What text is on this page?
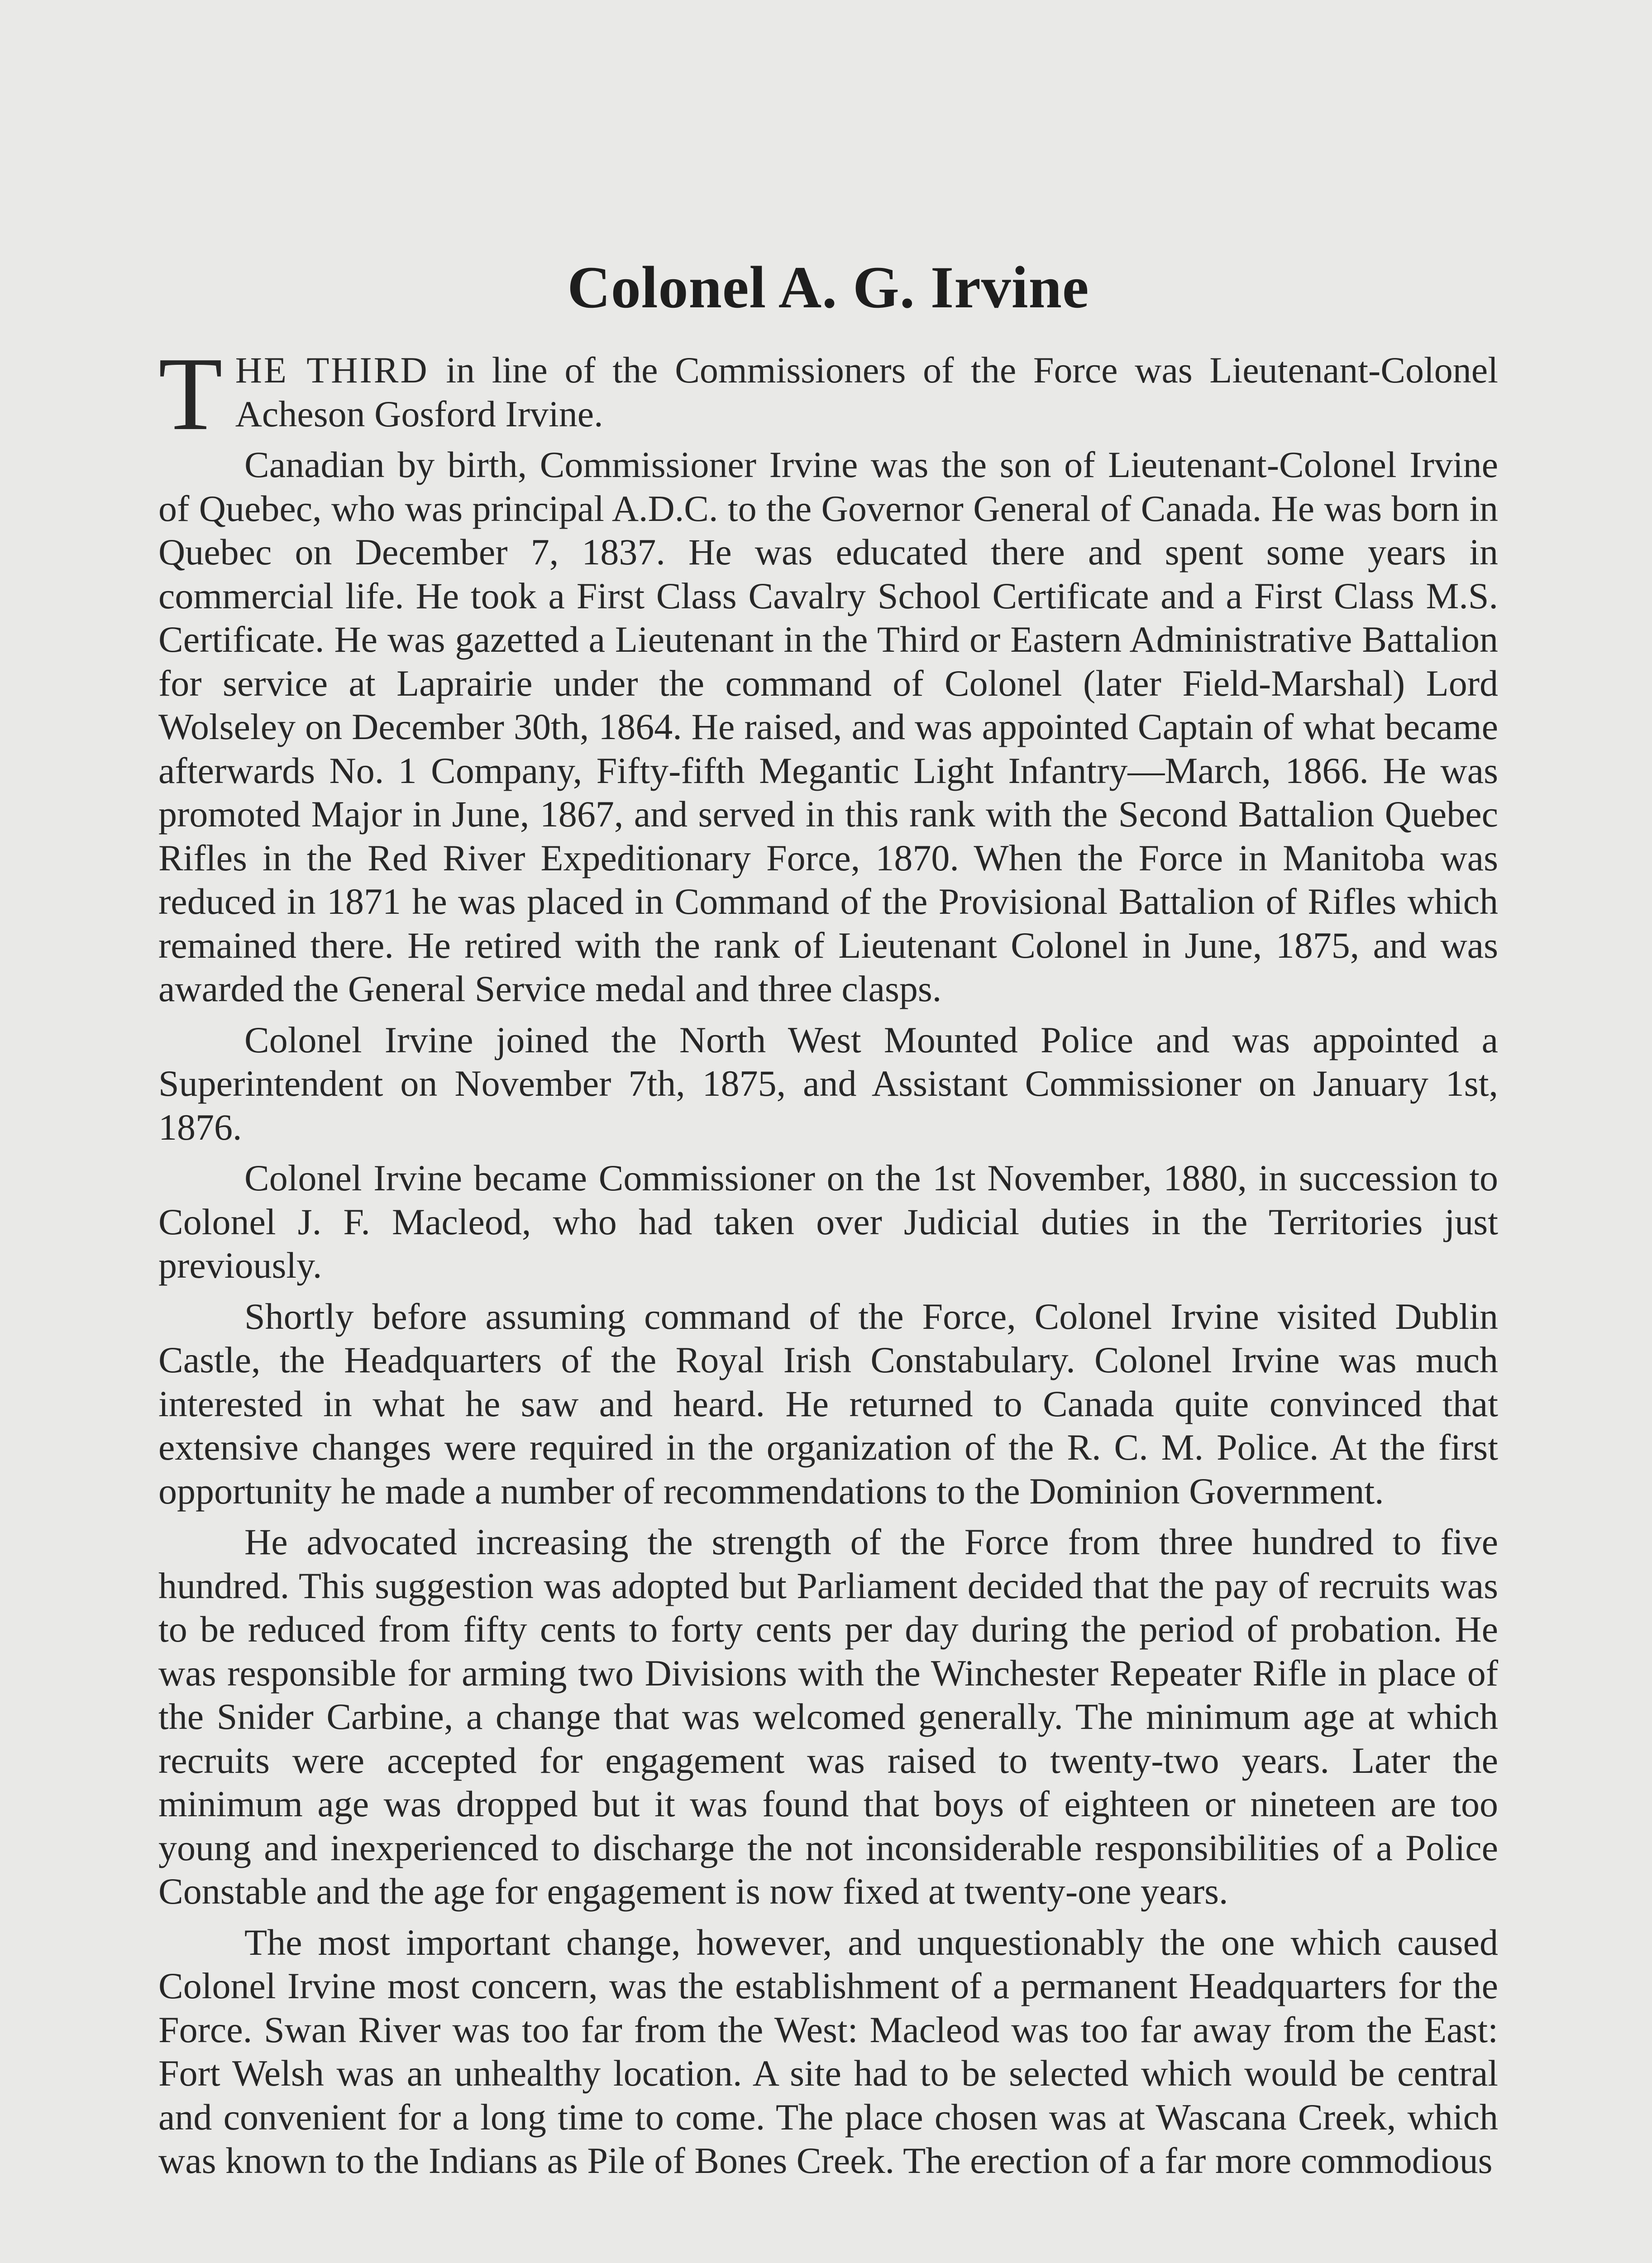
Colonel A. G. Irvine

THE THIRD in line of the Commissioners of the Force was Lieutenant-Colonel Acheson Gosford Irvine.

Canadian by birth, Commissioner Irvine was the son of Lieutenant-Colonel Irvine of Quebec, who was principal A.D.C. to the Governor General of Canada. He was born in Quebec on December 7, 1837. He was educated there and spent some years in commercial life. He took a First Class Cavalry School Certificate and a First Class M.S. Certificate. He was gazetted a Lieutenant in the Third or Eastern Administrative Battalion for service at Laprairie under the command of Colonel (later Field-Marshal) Lord Wolseley on December 30th, 1864. He raised, and was appointed Captain of what became afterwards No. 1 Company, Fifty-fifth Megantic Light Infantry—March, 1866. He was promoted Major in June, 1867, and served in this rank with the Second Battalion Quebec Rifles in the Red River Expeditionary Force, 1870. When the Force in Manitoba was reduced in 1871 he was placed in Command of the Provisional Battalion of Rifles which remained there. He retired with the rank of Lieutenant Colonel in June, 1875, and was awarded the General Service medal and three clasps.

Colonel Irvine joined the North West Mounted Police and was appointed a Superintendent on November 7th, 1875, and Assistant Commissioner on January 1st, 1876.

Colonel Irvine became Commissioner on the 1st November, 1880, in succession to Colonel J. F. Macleod, who had taken over Judicial duties in the Territories just previously.

Shortly before assuming command of the Force, Colonel Irvine visited Dublin Castle, the Headquarters of the Royal Irish Constabulary. Colonel Irvine was much interested in what he saw and heard. He returned to Canada quite convinced that extensive changes were required in the organization of the R. C. M. Police. At the first opportunity he made a number of recommendations to the Dominion Government.

He advocated increasing the strength of the Force from three hundred to five hundred. This suggestion was adopted but Parliament decided that the pay of recruits was to be reduced from fifty cents to forty cents per day during the period of probation. He was responsible for arming two Divisions with the Winchester Repeater Rifle in place of the Snider Carbine, a change that was welcomed generally. The minimum age at which recruits were accepted for engagement was raised to twenty-two years. Later the minimum age was dropped but it was found that boys of eighteen or nineteen are too young and inexperienced to discharge the not inconsiderable responsibilities of a Police Constable and the age for engagement is now fixed at twenty-one years.

The most important change, however, and unquestionably the one which caused Colonel Irvine most concern, was the establishment of a permanent Headquarters for the Force. Swan River was too far from the West: Macleod was too far away from the East: Fort Welsh was an unhealthy location. A site had to be selected which would be central and convenient for a long time to come. The place chosen was at Wascana Creek, which was known to the Indians as Pile of Bones Creek. The erection of a far more commodious
